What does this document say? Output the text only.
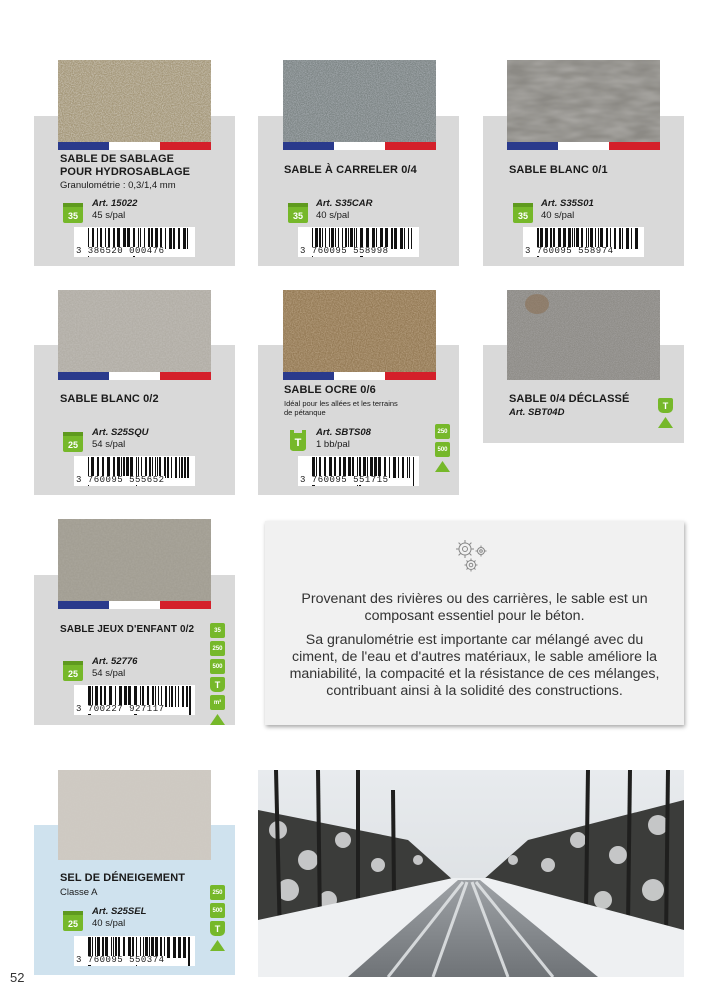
SABLE DE SABLAGE
POUR HYDROSABLAGE
Granulométrie : 0,3/1,4 mm
SABLE À CARRELER 0/4	SABLE BLANC 0/1
SABLE BLANC 0/2
SABLE OCRE 0/6
Idéal pour les allées et les terrains
de pétanque
SABLE 0/4 DÉCLASSÉ
Art. SBT04D
SABLE JEUX D'ENFANT 0/2
SEL DE DÉNEIGEMENT
Classe A
Art. 15022
45 s/pal
35
3 386520 000476
Art. S35CAR
40 s/pal
35
3 760095 558998
Art. S35S01
40 s/pal
35
3 760095 558974
Art. S25SQU
54 s/pal
25
3 760095 555652
Art. SBTS08
1 bb/pal
T
3 760095 551715
250
500
T
Art. 52776
54 s/pal
25
3 700227 927117
35
250
500
T
m³
Art. S25SEL
40 s/pal
25
3 760095 550374
250
500
T

Provenant des rivières ou des carrières, le sable est un composant essentiel pour le béton.

Sa granulométrie est importante car mélangé avec du ciment, de l'eau et d'autres matériaux, le sable améliore la maniabilité, la compacité et la résistance de ces mélanges, contribuant ainsi à la solidité des constructions.

52
